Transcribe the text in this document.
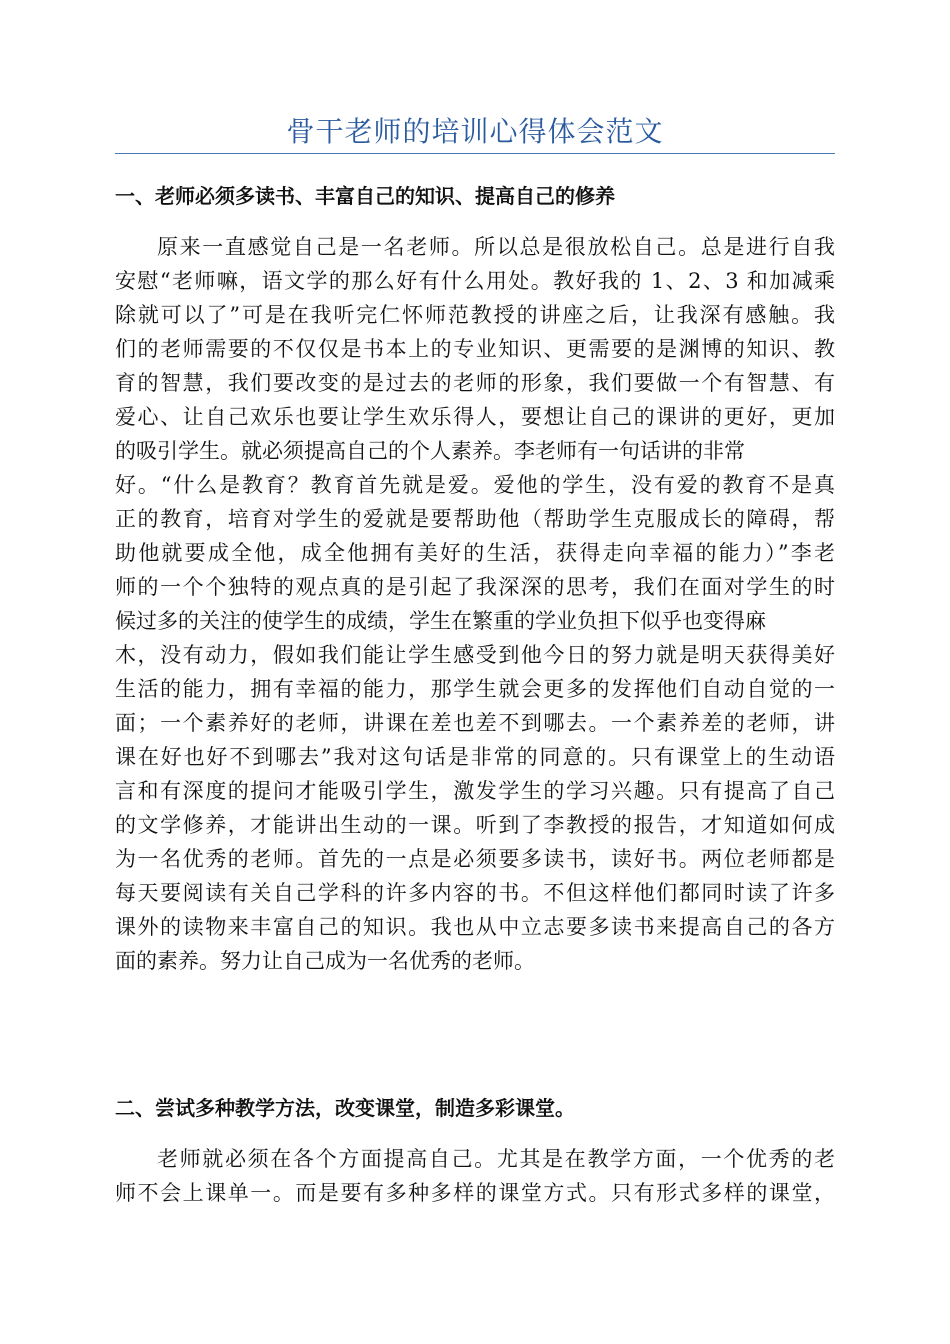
骨干老师的培训心得体会范文
一、老师必须多读书、丰富自己的知识、提高自己的修养
原来一直感觉自己是一名老师。所以总是很放松自己。总是进行自我
安慰“老师嘛，语文学的那么好有什么用处。教好我的 1、2、3 和加减乘
除就可以了”可是在我听完仁怀师范教授的讲座之后，让我深有感触。我
们的老师需要的不仅仅是书本上的专业知识、更需要的是渊博的知识、教
育的智慧，我们要改变的是过去的老师的形象，我们要做一个有智慧、有
爱心、让自己欢乐也要让学生欢乐得人，要想让自己的课讲的更好，更加
的吸引学生。就必须提高自己的个人素养。李老师有一句话讲的非常
好。“什么是教育？教育首先就是爱。爱他的学生，没有爱的教育不是真
正的教育，培育对学生的爱就是要帮助他（帮助学生克服成长的障碍，帮
助他就要成全他，成全他拥有美好的生活，获得走向幸福的能力）”李老
师的一个个独特的观点真的是引起了我深深的思考，我们在面对学生的时
候过多的关注的使学生的成绩，学生在繁重的学业负担下似乎也变得麻
木，没有动力，假如我们能让学生感受到他今日的努力就是明天获得美好
生活的能力，拥有幸福的能力，那学生就会更多的发挥他们自动自觉的一
面；一个素养好的老师，讲课在差也差不到哪去。一个素养差的老师，讲
课在好也好不到哪去”我对这句话是非常的同意的。只有课堂上的生动语
言和有深度的提问才能吸引学生，激发学生的学习兴趣。只有提高了自己
的文学修养，才能讲出生动的一课。听到了李教授的报告，才知道如何成
为一名优秀的老师。首先的一点是必须要多读书，读好书。两位老师都是
每天要阅读有关自己学科的许多内容的书。不但这样他们都同时读了许多
课外的读物来丰富自己的知识。我也从中立志要多读书来提高自己的各方
面的素养。努力让自己成为一名优秀的老师。
二、尝试多种教学方法，改变课堂，制造多彩课堂。
老师就必须在各个方面提高自己。尤其是在教学方面，一个优秀的老
师不会上课单一。而是要有多种多样的课堂方式。只有形式多样的课堂，
